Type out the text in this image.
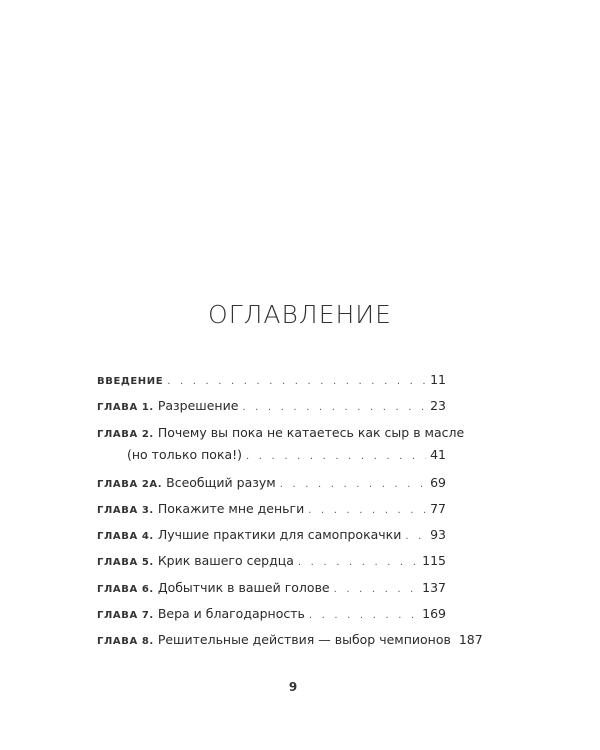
ОГЛАВЛЕНИЕ
ВВЕДЕНИЕ . . .	11
ГЛАВА 1. Разрешение . . .	23
ГЛАВА 2. Почему вы пока не катаетесь как сыр в масле
(но только пока!) . . .	41
ГЛАВА 2А. Всеобщий разум . . .	69
ГЛАВА 3. Покажите мне деньги . . .	77
ГЛАВА 4. Лучшие практики для самопрокачки . . . 93
ГЛАВА 5. Крик вашего сердца . . .	115
ГЛАВА 6. Добытчик в вашей голове . . .	137
ГЛАВА 7. Вера и благодарность . . .	169
ГЛАВА 8. Решительные действия — выбор чемпионов 187
9
